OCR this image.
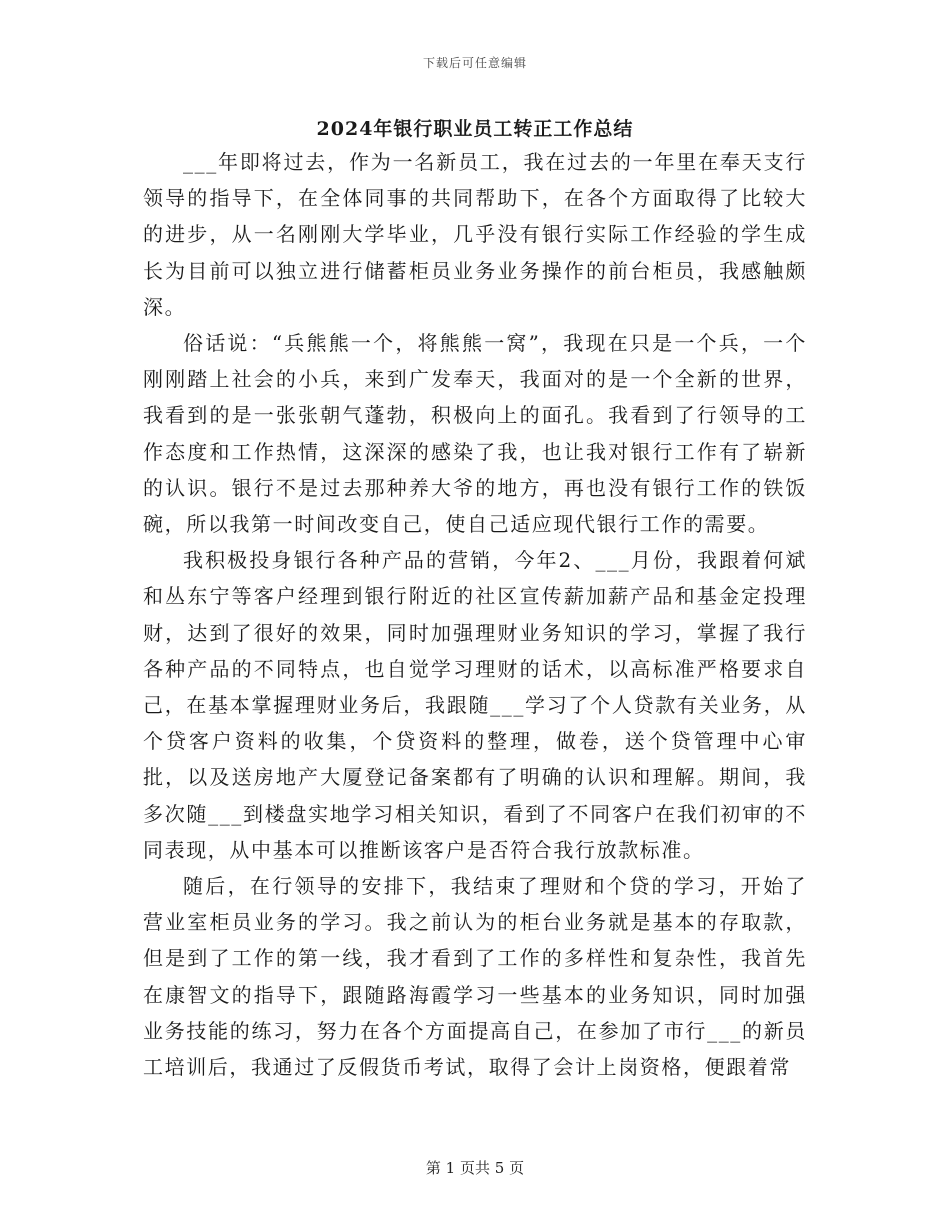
下载后可任意编辑
2024年银行职业员工转正工作总结

___年即将过去，作为一名新员工，我在过去的一年里在奉天支行领导的指导下，在全体同事的共同帮助下，在各个方面取得了比较大的进步，从一名刚刚大学毕业，几乎没有银行实际工作经验的学生成长为目前可以独立进行储蓄柜员业务业务操作的前台柜员，我感触颇深。

俗话说：“兵熊熊一个，将熊熊一窝”，我现在只是一个兵，一个刚刚踏上社会的小兵，来到广发奉天，我面对的是一个全新的世界，我看到的是一张张朝气蓬勃，积极向上的面孔。我看到了行领导的工作态度和工作热情，这深深的感染了我，也让我对银行工作有了崭新的认识。银行不是过去那种养大爷的地方，再也没有银行工作的铁饭碗，所以我第一时间改变自己，使自己适应现代银行工作的需要。

我积极投身银行各种产品的营销，今年2、___月份，我跟着何斌和丛东宁等客户经理到银行附近的社区宣传薪加薪产品和基金定投理财，达到了很好的效果，同时加强理财业务知识的学习，掌握了我行各种产品的不同特点，也自觉学习理财的话术，以高标准严格要求自己，在基本掌握理财业务后，我跟随___学习了个人贷款有关业务，从个贷客户资料的收集，个贷资料的整理，做卷，送个贷管理中心审批，以及送房地产大厦登记备案都有了明确的认识和理解。期间，我多次随___到楼盘实地学习相关知识，看到了不同客户在我们初审的不同表现，从中基本可以推断该客户是否符合我行放款标准。

随后，在行领导的安排下，我结束了理财和个贷的学习，开始了营业室柜员业务的学习。我之前认为的柜台业务就是基本的存取款，但是到了工作的第一线，我才看到了工作的多样性和复杂性，我首先在康智文的指导下，跟随路海霞学习一些基本的业务知识，同时加强业务技能的练习，努力在各个方面提高自己，在参加了市行___的新员工培训后，我通过了反假货币考试，取得了会计上岗资格，便跟着常

第 1 页共 5 页
